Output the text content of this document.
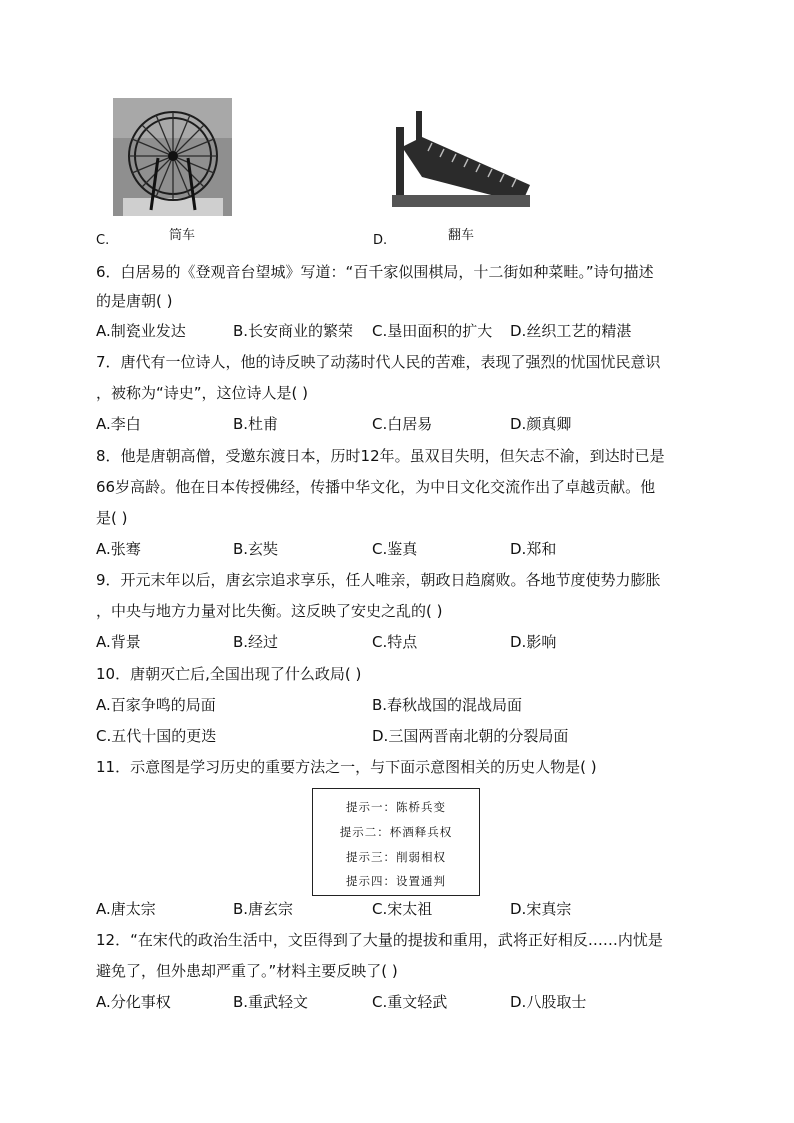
C.	筒车	D.	翻车
6．白居易的《登观音台望城》写道：“百千家似围棋局，十二街如种菜畦。”诗句描述
的是唐朝( )
A.制瓷业发达	B.长安商业的繁荣 C.垦田面积的扩大 D.丝织工艺的精湛
7．唐代有一位诗人，他的诗反映了动荡时代人民的苦难，表现了强烈的忧国忧民意识
，被称为“诗史”，这位诗人是( )
A.李白	B.杜甫	C.白居易	D.颜真卿
8．他是唐朝高僧，受邀东渡日本，历时12年。虽双目失明，但矢志不渝，到达时已是
66岁高龄。他在日本传授佛经，传播中华文化，为中日文化交流作出了卓越贡献。他
是( )
A.张骞	B.玄奘	C.鉴真	D.郑和
9．开元末年以后，唐玄宗追求享乐，任人唯亲，朝政日趋腐败。各地节度使势力膨胀
，中央与地方力量对比失衡。这反映了安史之乱的( )
A.背景	B.经过	C.特点	D.影响
10．唐朝灭亡后,全国出现了什么政局( )
A.百家争鸣的局面	B.春秋战国的混战局面
C.五代十国的更迭	D.三国两晋南北朝的分裂局面
11．示意图是学习历史的重要方法之一，与下面示意图相关的历史人物是( )
提示一：陈桥兵变
提示二：杯酒释兵权
提示三：削弱相权
提示四：设置通判
A.唐太宗	B.唐玄宗	C.宋太祖	D.宋真宗
12．“在宋代的政治生活中，文臣得到了大量的提拔和重用，武将正好相反……内忧是
避免了，但外患却严重了。”材料主要反映了( )
A.分化事权	B.重武轻文	C.重文轻武	D.八股取士
